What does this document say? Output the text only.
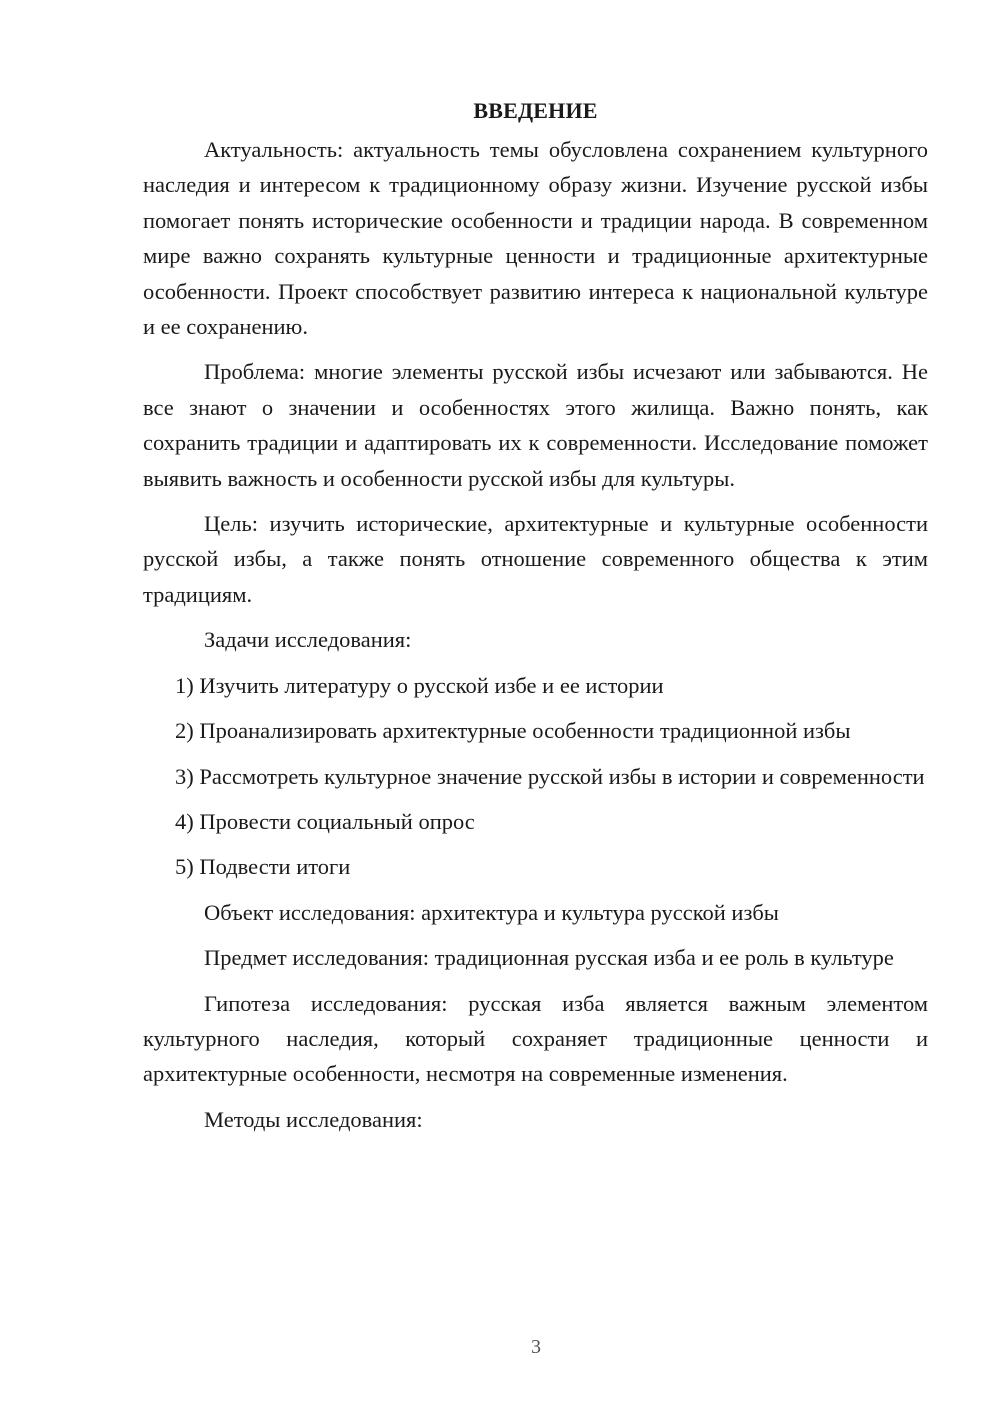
ВВЕДЕНИЕ

Актуальность: актуальность темы обусловлена сохранением культурного наследия и интересом к традиционному образу жизни. Изучение русской избы помогает понять исторические особенности и традиции народа. В современном мире важно сохранять культурные ценности и традиционные архитектурные особенности. Проект способствует развитию интереса к национальной культуре и ее сохранению.

Проблема: многие элементы русской избы исчезают или забываются. Не все знают о значении и особенностях этого жилища. Важно понять, как сохранить традиции и адаптировать их к современности. Исследование поможет выявить важность и особенности русской избы для культуры.

Цель: изучить исторические, архитектурные и культурные особенности русской избы, а также понять отношение современного общества к этим традициям.

Задачи исследования:

1) Изучить литературу о русской избе и ее истории

2) Проанализировать архитектурные особенности традиционной избы

3) Рассмотреть культурное значение русской избы в истории и современности

4) Провести социальный опрос

5) Подвести итоги

Объект исследования: архитектура и культура русской избы

Предмет исследования: традиционная русская изба и ее роль в культуре

Гипотеза исследования: русская изба является важным элементом культурного наследия, который сохраняет традиционные ценности и архитектурные особенности, несмотря на современные изменения.

Методы исследования:

3
